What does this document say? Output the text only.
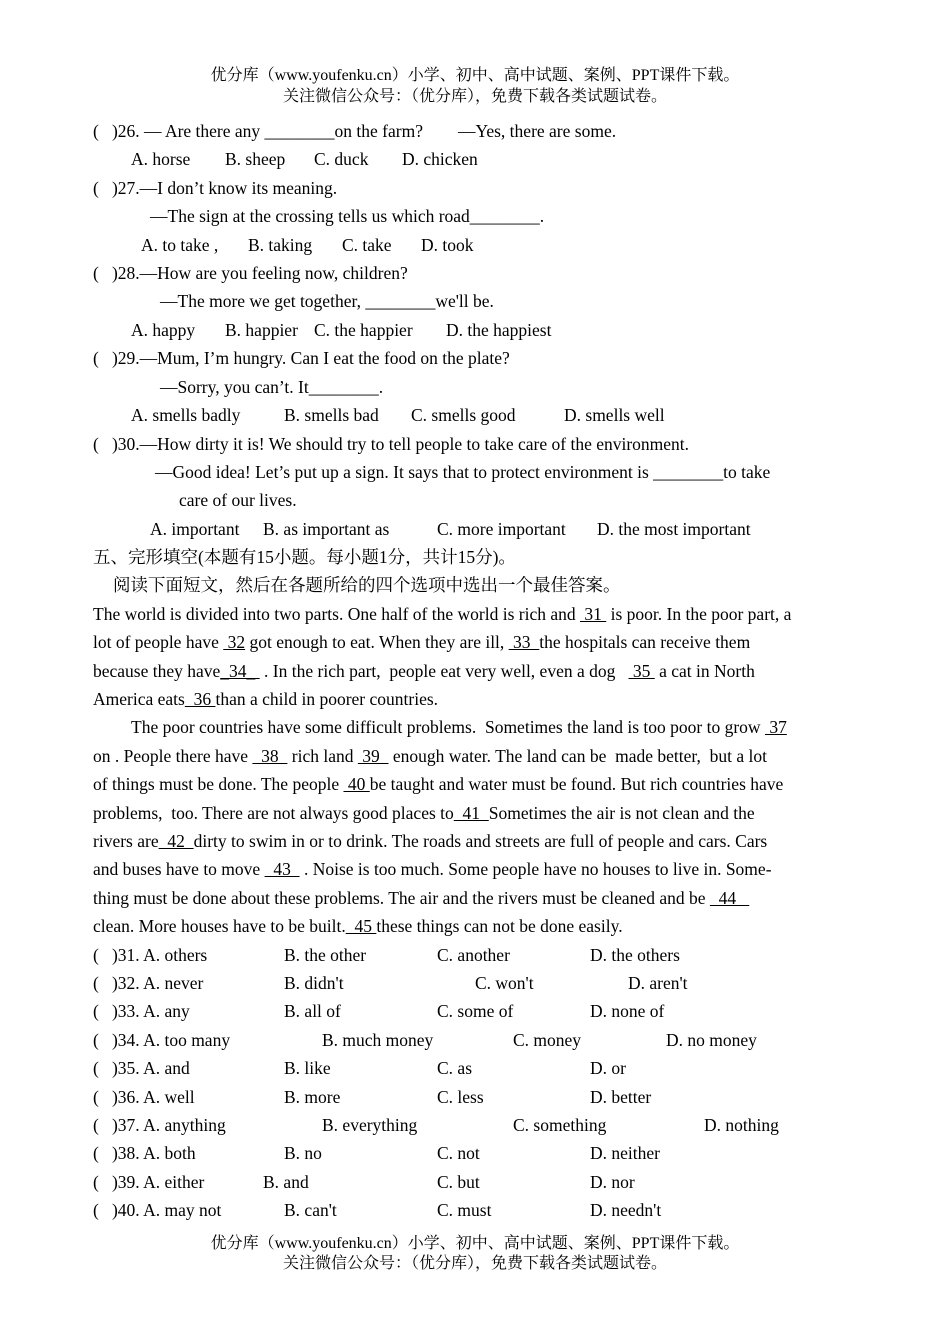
优分库（www.youfenku.cn）小学、初中、高中试题、案例、PPT课件下载。
关注微信公众号：（优分库），免费下载各类试题试卷。
(   )26. — Are there any ________on the farm?        —Yes, there are some.
A. horse B. sheep C. duck D. chicken
(   )27.—I don’t know its meaning.
—The sign at the crossing tells us which road________.
A. to take , B. taking C. take D. took
(   )28.—How are you feeling now, children?
—The more we get together, ________we'll be.
A. happy B. happier C. the happier D. the happiest
(   )29.—Mum, I’m hungry. Can I eat the food on the plate?
—Sorry, you can’t. It________.
A. smells badly B. smells bad C. smells good	D. smells well
(   )30.—How dirty it is! We should try to tell people to take care of the environment.
—Good idea! Let’s put up a sign. It says that to protect environment is ________to take
care of our lives.
A. important B. as important as	C. more important D. the most important
五、完形填空(本题有15小题。每小题1分，共计15分)。
阅读下面短文，然后在各题所给的四个选项中选出一个最佳答案。
The world is divided into two parts. One half of the world is rich and  31  is poor. In the poor part, a
lot of people have  32 got enough to eat. When they are ill,  33  the hospitals can receive them
because they have_34_  . In the rich part,  people eat very well, even a dog    35  a cat in North
America eats  36 than a child in poorer countries.
The poor countries have some difficult problems.  Sometimes the land is too poor to grow  37
on . People there have   38   rich land  39   enough water. The land can be  made better,  but a lot
of things must be done. The people  40 be taught and water must be found. But rich countries have
problems,  too. There are not always good places to  41  Sometimes the air is not clean and the
rivers are  42  dirty to swim in or to drink. The roads and streets are full of people and cars. Cars
and buses have to move   43   . Noise is too much. Some people have no houses to live in. Some-
thing must be done about these problems. The air and the rivers must be cleaned and be   44
clean. More houses have to be built.  45 these things can not be done easily.
(   )31. A. others	B. the other	C. another	D. the others
(   )32. A. never	B. didn't	C. won't	D. aren't
(   )33. A. any	B. all of	C. some of	D. none of
(   )34. A. too many	B. much money	C. money	D. no money
(   )35. A. and	B. like	C. as	D. or
(   )36. A. well	B. more	C. less	D. better
(   )37. A. anything	B. everything	C. something	D. nothing
(   )38. A. both	B. no	C. not	D. neither
(   )39. A. either	B. and	C. but	D. nor
(   )40. A. may not	B. can't	C. must	D. needn't
优分库（www.youfenku.cn）小学、初中、高中试题、案例、PPT课件下载。
关注微信公众号：（优分库），免费下载各类试题试卷。
